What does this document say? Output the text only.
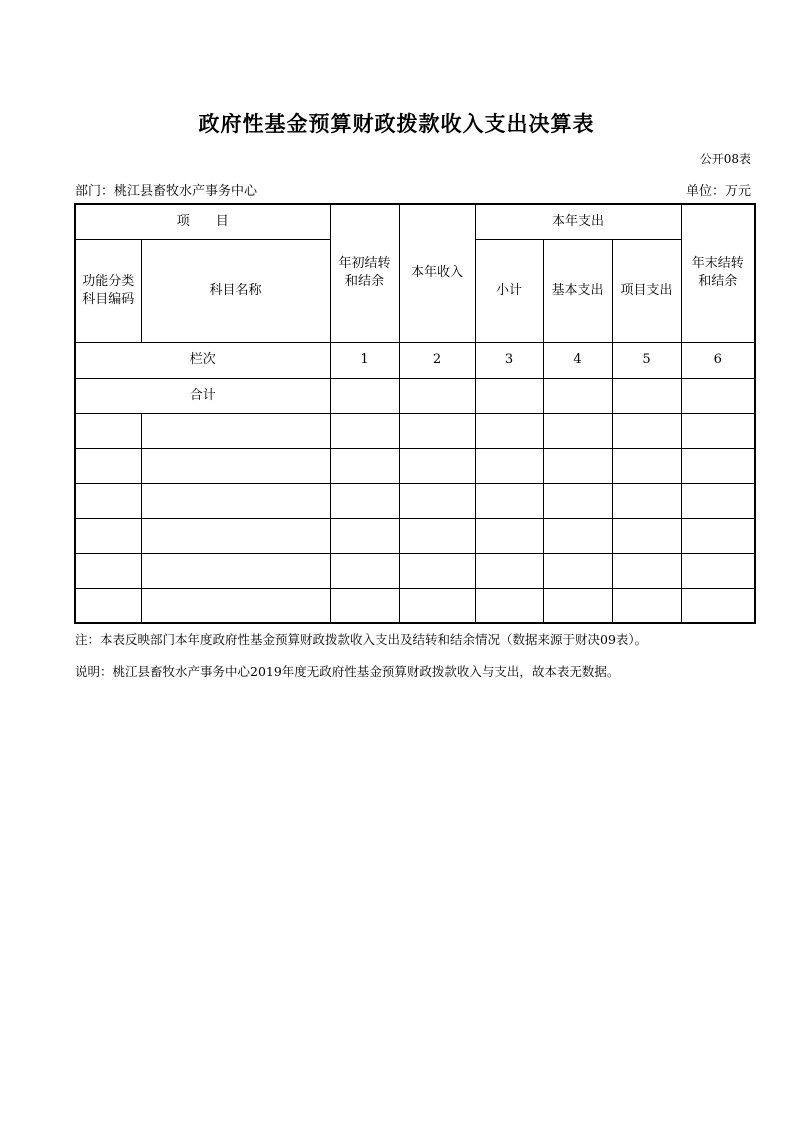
政府性基金预算财政拨款收入支出决算表
公开08表
部门：桃江县畜牧水产事务中心	单位：万元
项　　目		年初结转和结余	本年收入	本年支出			年末结转和结余
功能分类科目编码	科目名称			小计	基本支出	项目支出	
栏次		1	2	3	4	5	6
合计							

注：本表反映部门本年度政府性基金预算财政拨款收入支出及结转和结余情况（数据来源于财决09表）。
说明：桃江县畜牧水产事务中心2019年度无政府性基金预算财政拨款收入与支出，故本表无数据。
